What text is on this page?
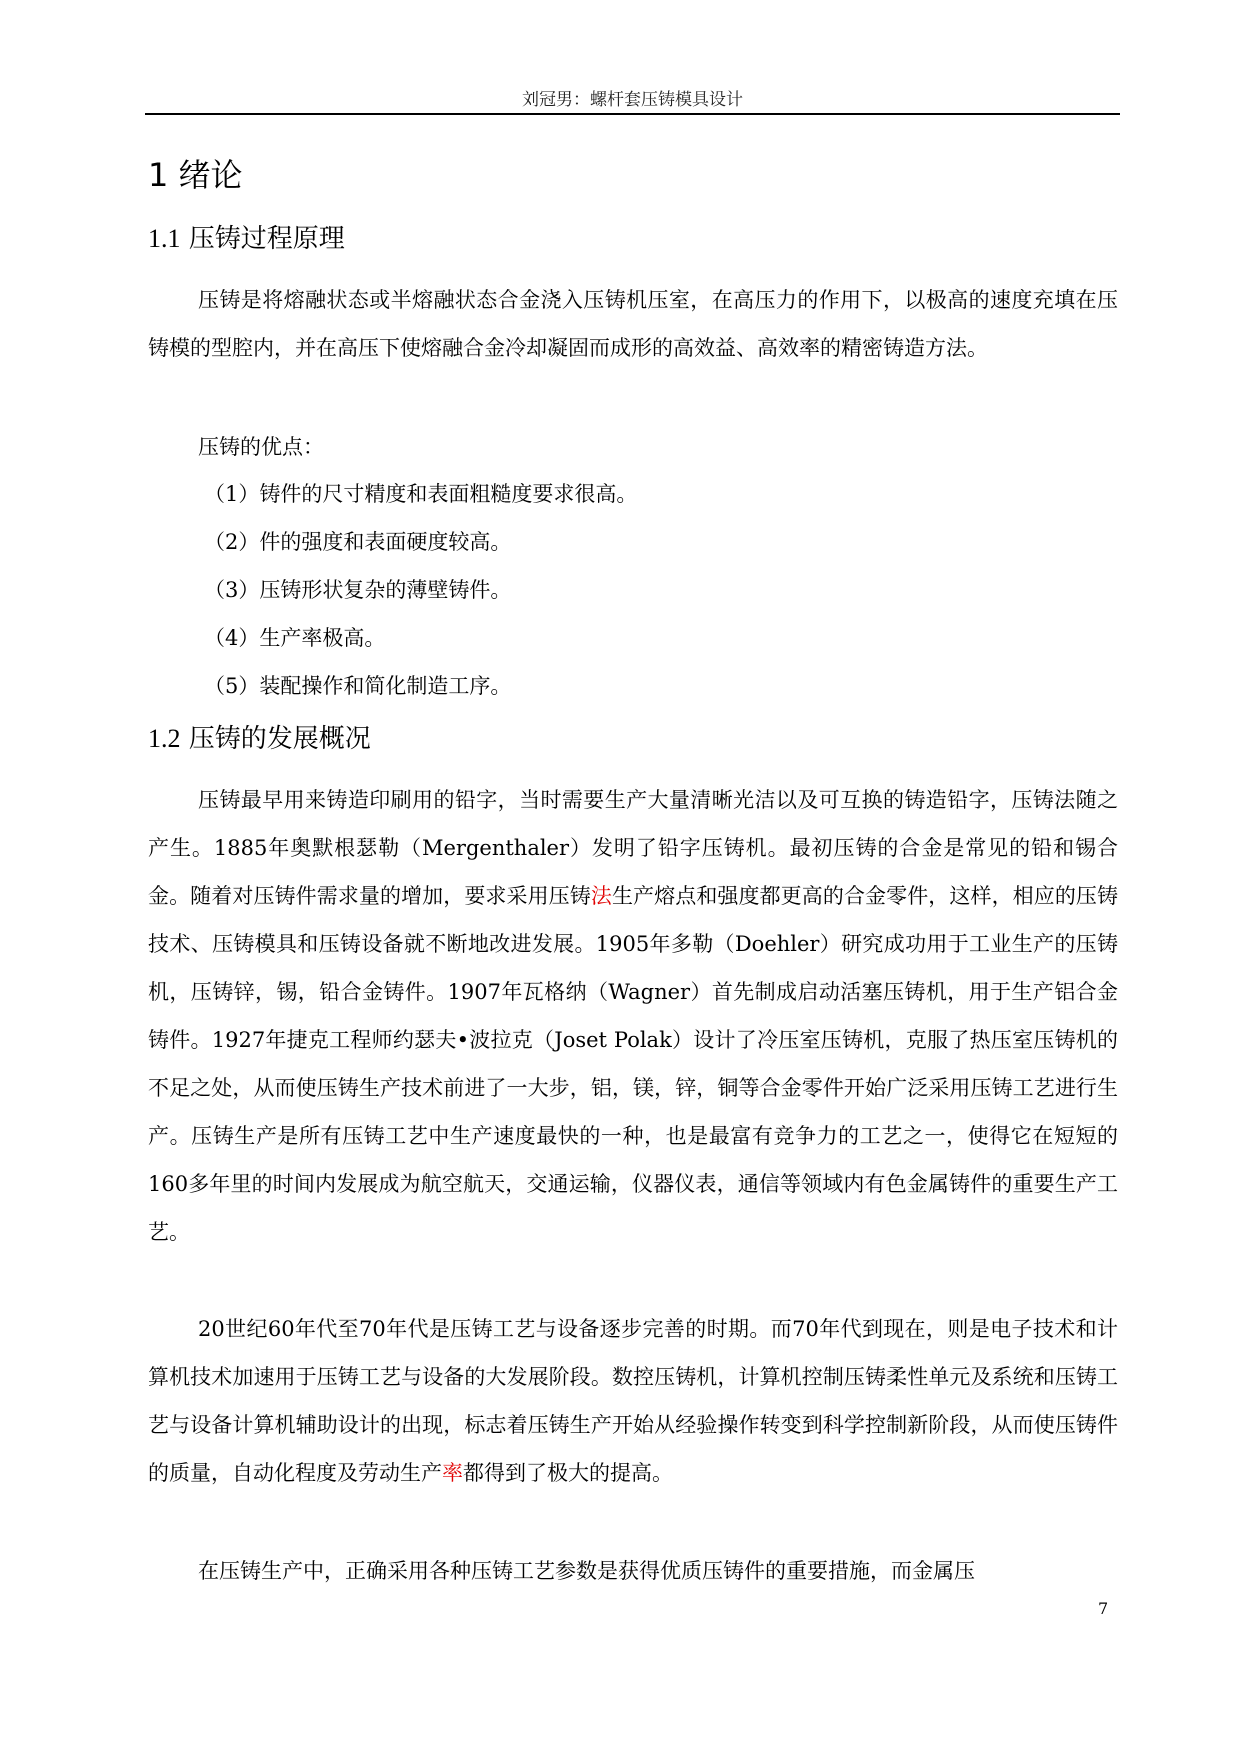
刘冠男：螺杆套压铸模具设计
1 绪论
1.1 压铸过程原理

压铸是将熔融状态或半熔融状态合金浇入压铸机压室，在高压力的作用下，以极高的速度充填在压铸模的型腔内，并在高压下使熔融合金冷却凝固而成形的高效益、高效率的精密铸造方法。

压铸的优点：

（1）铸件的尺寸精度和表面粗糙度要求很高。

（2）件的强度和表面硬度较高。

（3）压铸形状复杂的薄壁铸件。

（4）生产率极高。

（5）装配操作和简化制造工序。

1.2 压铸的发展概况

压铸最早用来铸造印刷用的铅字，当时需要生产大量清晰光洁以及可互换的铸造铅字，压铸法随之产生。1885年奥默根瑟勒（Mergenthaler）发明了铅字压铸机。最初压铸的合金是常见的铅和锡合金。随着对压铸件需求量的增加，要求采用压铸法生产熔点和强度都更高的合金零件，这样，相应的压铸技术、压铸模具和压铸设备就不断地改进发展。1905年多勒（Doehler）研究成功用于工业生产的压铸机，压铸锌，锡，铅合金铸件。1907年瓦格纳（Wagner）首先制成启动活塞压铸机，用于生产铝合金铸件。1927年捷克工程师约瑟夫•波拉克（Joset Polak）设计了冷压室压铸机，克服了热压室压铸机的不足之处，从而使压铸生产技术前进了一大步，铝，镁，锌，铜等合金零件开始广泛采用压铸工艺进行生产。压铸生产是所有压铸工艺中生产速度最快的一种，也是最富有竞争力的工艺之一，使得它在短短的160多年里的时间内发展成为航空航天，交通运输，仪器仪表，通信等领域内有色金属铸件的重要生产工艺。

20世纪60年代至70年代是压铸工艺与设备逐步完善的时期。而70年代到现在，则是电子技术和计算机技术加速用于压铸工艺与设备的大发展阶段。数控压铸机，计算机控制压铸柔性单元及系统和压铸工艺与设备计算机辅助设计的出现，标志着压铸生产开始从经验操作转变到科学控制新阶段，从而使压铸件的质量，自动化程度及劳动生产率都得到了极大的提高。

在压铸生产中，正确采用各种压铸工艺参数是获得优质压铸件的重要措施，而金属压

7
